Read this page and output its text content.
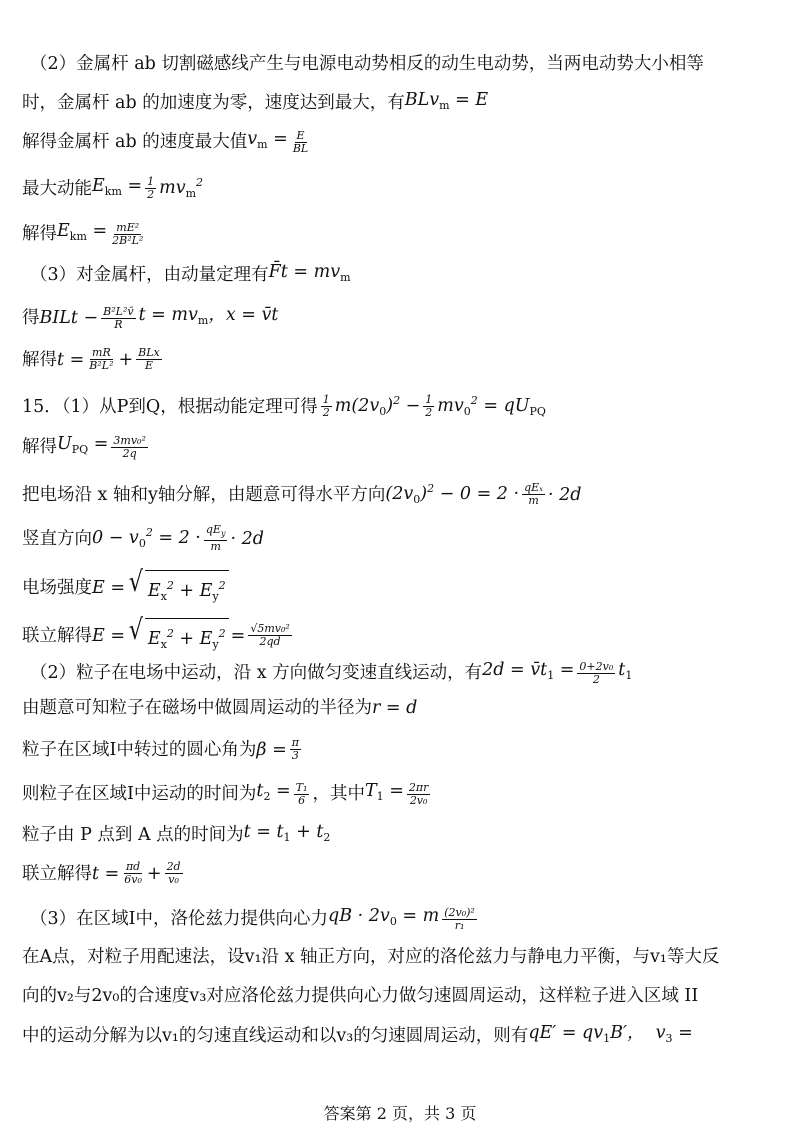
（2）金属杆 ab 切割磁感线产生与电源电动势相反的动生电动势，当两电动势大小相等
时，金属杆 ab 的加速度为零，速度达到最大，有 BLv$_m$ = E
解得金属杆 ab 的速度最大值 $v_m = \frac{E}{BL}$
最大动能 $E_{km} = \frac{1}{2} mv_m^2$
解得 $E_{km} = \frac{\text{mE²}}{\text{2B²L²}}$
（3）对金属杆，由动量定理有 F̄t = $mv_m$
得 BILt − $\frac{\text{B²L²v̄}}{R}$ $t = mv_m$，x = v̄t
解得 $t = \frac{mR}{\text{B²L²}} + \frac{\text{BLx}}{E}$
15．（1）从P到Q，根据动能定理可得 $\frac{1}{2} m(2v_0)^2 - \frac{1}{2} mv_0^2 = qU_{PQ}$
解得 $U_{PQ} = \frac{\text{3mv₀²}}{2q}$
把电场沿 x 轴和y轴分解，由题意可得水平方向 $(2v_0)^2 - 0 = 2 \cdot \frac{\text{qEₓ}}{m} \cdot 2d$
竖直方向 $0 - v_0^2 = 2 \cdot \frac{qE_y}{m} \cdot 2d$
电场强度 E = √ $E_x^2 + E_y^2$
联立解得 E = √ $E_x^2 + E_y^2 = \frac{\text{√5mv₀²}}{2qd}$
（2）粒子在电场中运动，沿 x 方向做匀变速直线运动，有 $2d = v̄t_1 = \frac{\text{0+2v₀}}{2} t_1$
由题意可知粒子在磁场中做圆周运动的半径为 r = d
粒子在区域I中转过的圆心角为 $\beta = \frac{\pi}{3}$
则粒子在区域I中运动的时间为 $t_2 = \frac{\text{T₁}}{6}$ ，其中 $T_1 = \frac{2\pi r}{\text{2v₀}}$
粒子由 P 点到 A 点的时间为 $t = t_1 + t_2$
联立解得 $t = \frac{\pi d}{\text{6v₀}} + \frac{2d}{\text{v₀}}$
（3）在区域I中，洛伦兹力提供向心力 qB · $2v_0 = m \frac{\text{(2v₀)²}}{\text{r₁}}$
在A点，对粒子用配速法，设v₁沿 x 轴正方向，对应的洛伦兹力与静电力平衡，与v₁等大反
向的v₂与2v₀的合速度v₃对应洛伦兹力提供向心力做匀速圆周运动，这样粒子进入区域 II
中的运动分解为以v₁的匀速直线运动和以v₃的匀速圆周运动，则有 $qE' = qv_1B'$，  $v_3$ =
答案第 2 页，共 3 页
